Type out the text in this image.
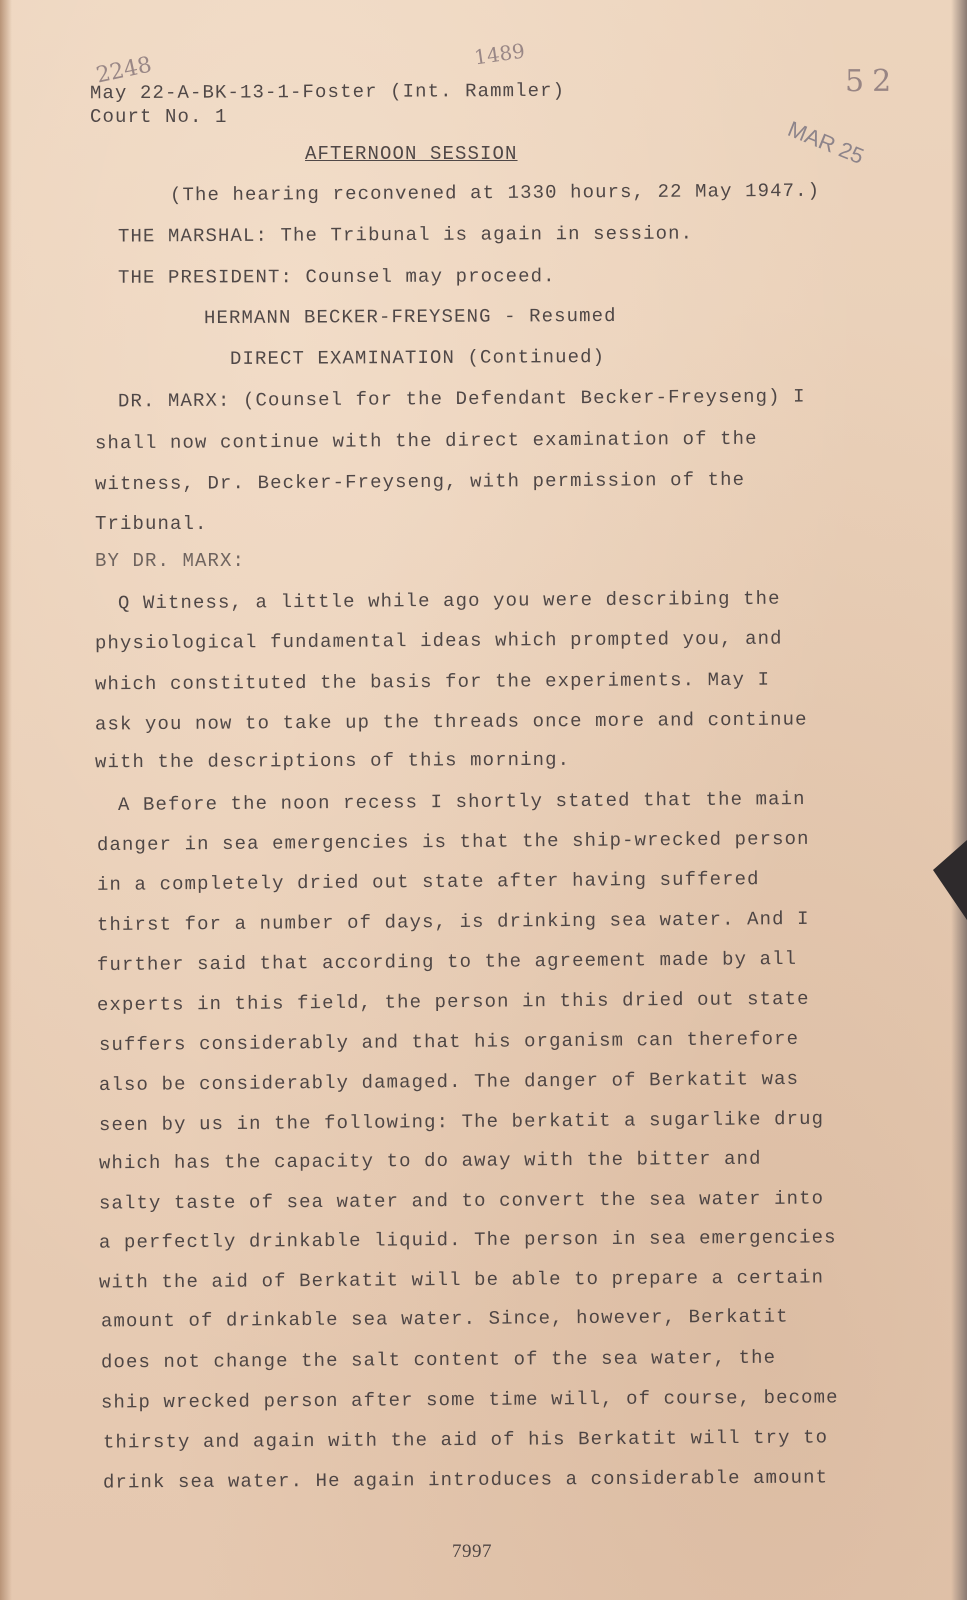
2248	1489
52
MAR 25
May 22-A-BK-13-1-Foster (Int. Rammler)
Court No. 1
AFTERNOON SESSION
(The hearing reconvened at 1330 hours, 22 May 1947.)
THE MARSHAL: The Tribunal is again in session.
THE PRESIDENT: Counsel may proceed.
HERMANN BECKER-FREYSENG - Resumed
DIRECT EXAMINATION (Continued)
DR. MARX: (Counsel for the Defendant Becker-Freyseng) I
shall now continue with the direct examination of the
witness, Dr. Becker-Freyseng, with permission of the
Tribunal.
BY DR. MARX:
Q Witness, a little while ago you were describing the
physiological fundamental ideas which prompted you, and
which constituted the basis for the experiments. May I
ask you now to take up the threads once more and continue
with the descriptions of this morning.
A Before the noon recess I shortly stated that the main
danger in sea emergencies is that the ship-wrecked person
in a completely dried out state after having suffered
thirst for a number of days, is drinking sea water. And I
further said that according to the agreement made by all
experts in this field, the person in this dried out state
suffers considerably and that his organism can therefore
also be considerably damaged. The danger of Berkatit was
seen by us in the following: The berkatit a sugarlike drug
which has the capacity to do away with the bitter and
salty taste of sea water and to convert the sea water into
a perfectly drinkable liquid. The person in sea emergencies
with the aid of Berkatit will be able to prepare a certain
amount of drinkable sea water. Since, however, Berkatit
does not change the salt content of the sea water, the
ship wrecked person after some time will, of course, become
thirsty and again with the aid of his Berkatit will try to
drink sea water. He again introduces a considerable amount
7997
